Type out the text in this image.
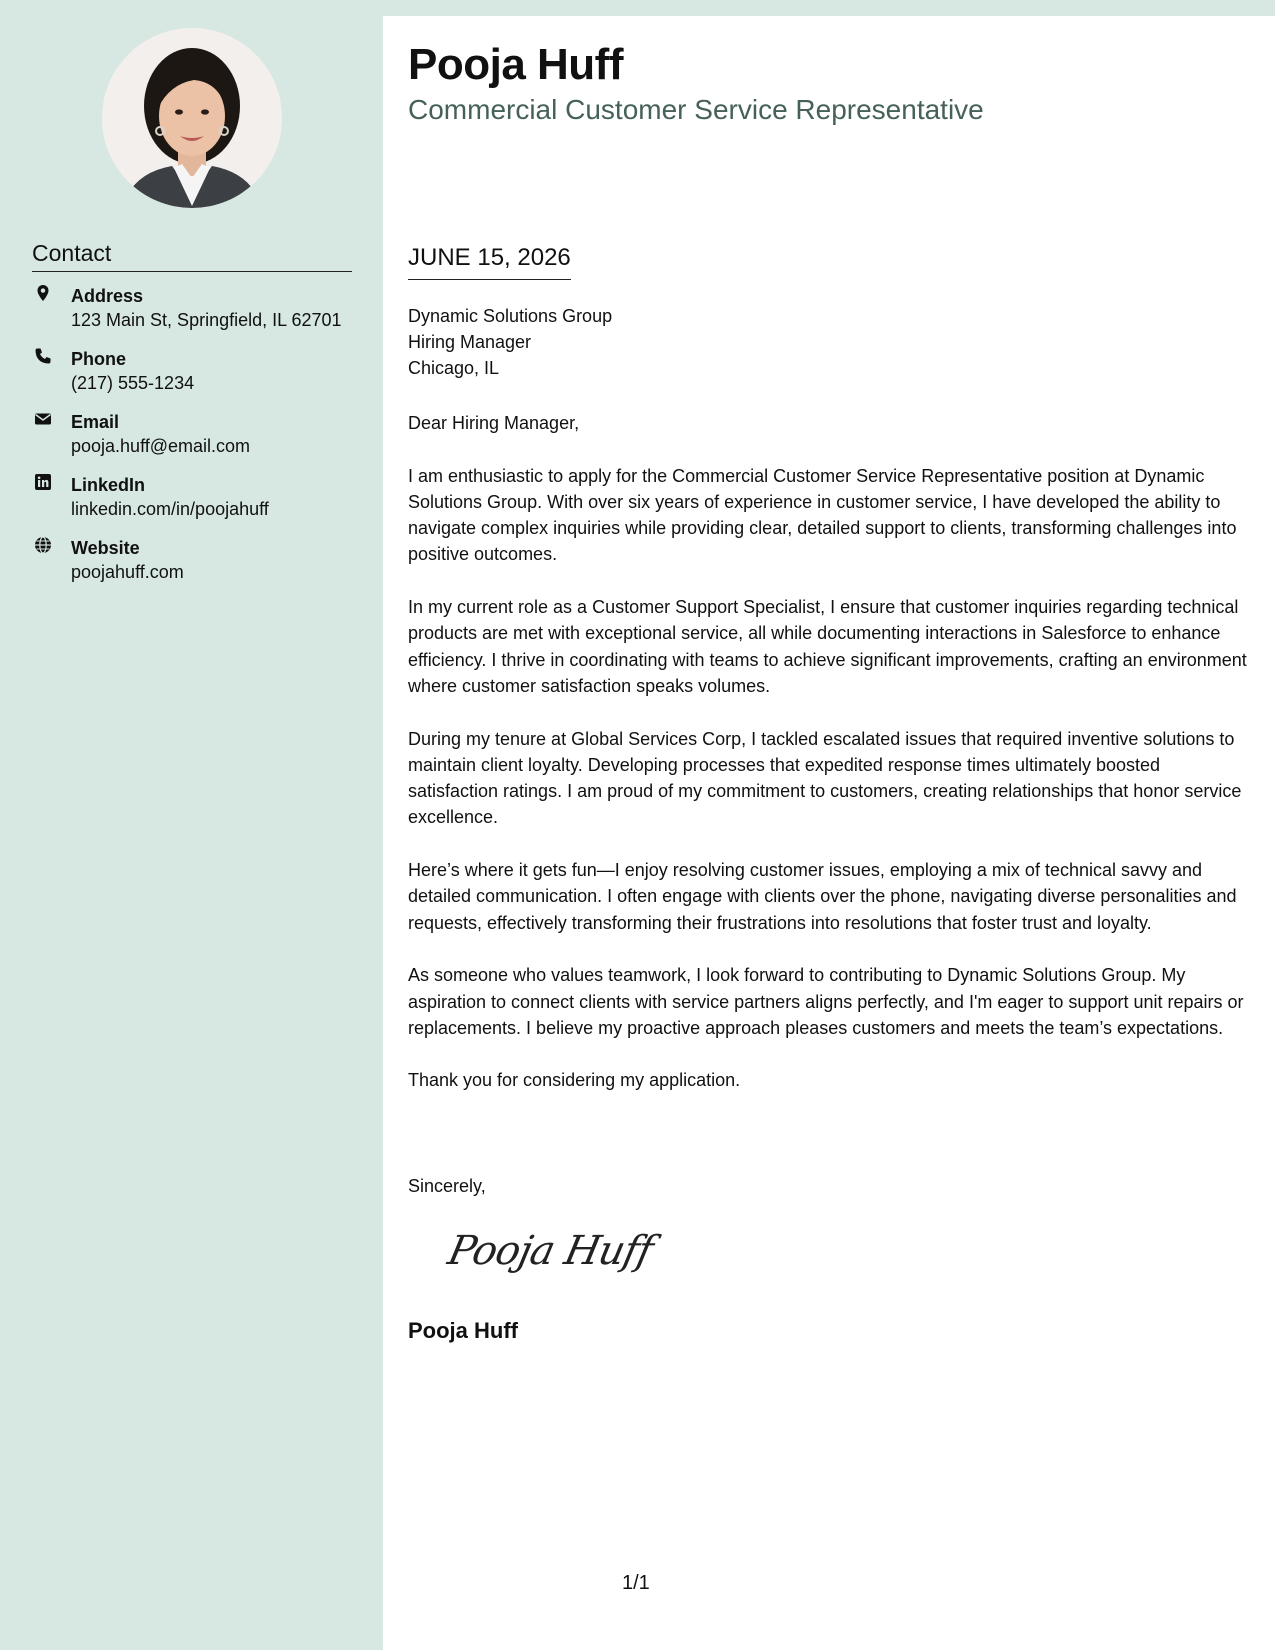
Contact
Address
123 Main St, Springfield, IL 62701
Phone
(217) 555-1234
Email
pooja.huff@email.com
LinkedIn
linkedin.com/in/poojahuff
Website
poojahuff.com
Pooja Huff
Commercial Customer Service Representative
JUNE 15, 2026
Dynamic Solutions Group
Hiring Manager
Chicago, IL

Dear Hiring Manager,

I am enthusiastic to apply for the Commercial Customer Service Representative position at Dynamic Solutions Group. With over six years of experience in customer service, I have developed the ability to navigate complex inquiries while providing clear, detailed support to clients, transforming challenges into positive outcomes.

In my current role as a Customer Support Specialist, I ensure that customer inquiries regarding technical products are met with exceptional service, all while documenting interactions in Salesforce to enhance efficiency. I thrive in coordinating with teams to achieve significant improvements, crafting an environment where customer satisfaction speaks volumes.

During my tenure at Global Services Corp, I tackled escalated issues that required inventive solutions to maintain client loyalty. Developing processes that expedited response times ultimately boosted satisfaction ratings. I am proud of my commitment to customers, creating relationships that honor service excellence.

Here’s where it gets fun—I enjoy resolving customer issues, employing a mix of technical savvy and detailed communication. I often engage with clients over the phone, navigating diverse personalities and requests, effectively transforming their frustrations into resolutions that foster trust and loyalty.

As someone who values teamwork, I look forward to contributing to Dynamic Solutions Group. My aspiration to connect clients with service partners aligns perfectly, and I'm eager to support unit repairs or replacements. I believe my proactive approach pleases customers and meets the team’s expectations.

Thank you for considering my application.

Sincerely,
Pooja Huff
Pooja Huff
1/1
